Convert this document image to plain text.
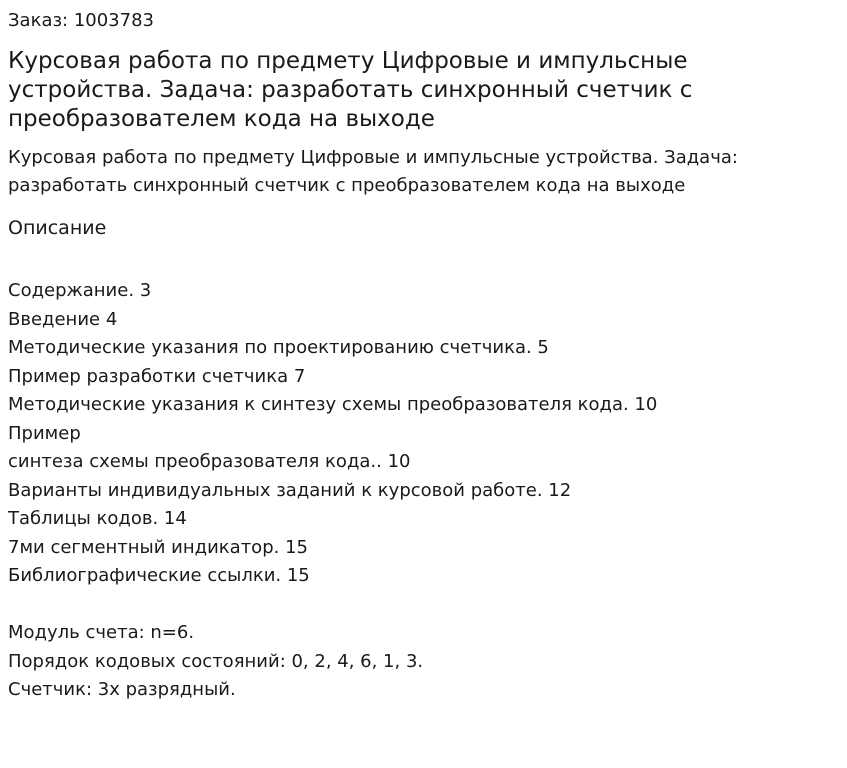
Заказ: 1003783
Курсовая работа по предмету Цифровые и импульсные устройства. Задача: разработать синхронный счетчик с преобразователем кода на выходе

Курсовая работа по предмету Цифровые и импульсные устройства. Задача: разработать синхронный счетчик с преобразователем кода на выходе

Описание
Содержание. 3
Введение 4
Методические указания по проектированию счетчика. 5
Пример разработки счетчика 7
Методические указания к синтезу схемы преобразователя кода. 10
Пример
синтеза схемы преобразователя кода.. 10
Варианты индивидуальных заданий к курсовой работе. 12
Таблицы кодов. 14
7ми сегментный индикатор. 15
Библиографические ссылки. 15
Модуль счета: n=6.
Порядок кодовых состояний: 0, 2, 4, 6, 1, 3.
Счетчик: 3х разрядный.
